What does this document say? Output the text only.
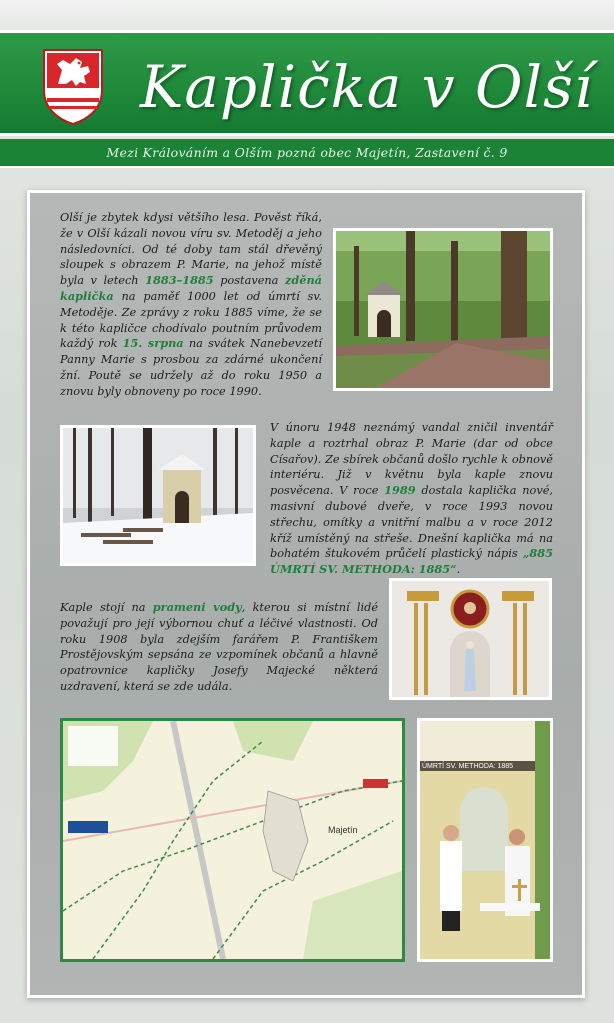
Kaplička v Olší
Mezi Králováním a Olším pozná obec Majetín, Zastavení č. 9

Olší je zbytek kdysi většího lesa. Pověst říká, že v Olší kázali novou víru sv. Metoděj a jeho následovníci. Od té doby tam stál dřevěný sloupek s obrazem P. Marie, na jehož místě byla v letech 1883–1885 postavena zděná kaplička na paměť 1000 let od úmrtí sv. Metoděje. Ze zprávy z roku 1885 víme, že se k této kapličce chodívalo poutním průvodem každý rok 15. srpna na svátek Nanebevzetí Panny Marie s prosbou za zdárné ukončení žní. Poutě se udržely až do roku 1950 a znovu byly obnoveny po roce 1990.

V únoru 1948 neznámý vandal zničil inventář kaple a roztrhal obraz P. Marie (dar od obce Císařov). Ze sbírek občanů došlo rychle k obnově interiéru. Již v květnu byla kaple znovu posvěcena. V roce 1989 dostala kaplička nové, masivní dubové dveře, v roce 1993 novou střechu, omítky a vnitřní malbu a v roce 2012 kříž umístěný na střeše. Dnešní kaplička má na bohatém štukovém průčelí plastický nápis „885 ÚMRTÍ SV. METHODA: 1885“.

Kaple stojí na prameni vody, kterou si místní lidé považují pro její výbornou chuť a léčivé vlastnosti. Od roku 1908 byla zdejším farářem P. Františkem Prostějovským sepsána ze vzpomínek občanů a hlavně opatrovnice kapličky Josefy Majecké některá uzdravení, která se zde udála.

Majetín
ÚMRTÍ SV. METHODA: 1885
